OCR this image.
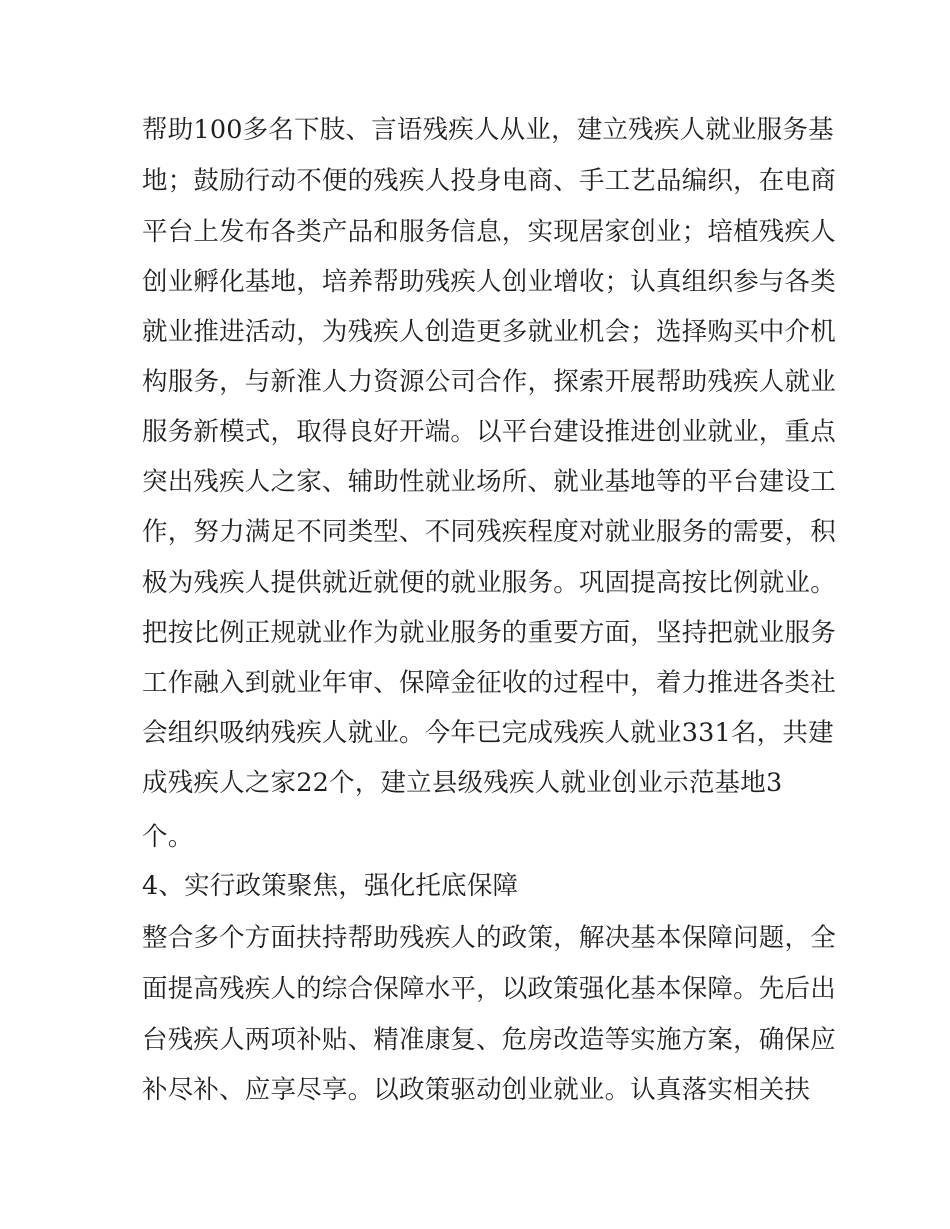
帮助100多名下肢、言语残疾人从业，建立残疾人就业服务基
地；鼓励行动不便的残疾人投身电商、手工艺品编织，在电商
平台上发布各类产品和服务信息，实现居家创业；培植残疾人
创业孵化基地，培养帮助残疾人创业增收；认真组织参与各类
就业推进活动，为残疾人创造更多就业机会；选择购买中介机
构服务，与新淮人力资源公司合作，探索开展帮助残疾人就业
服务新模式，取得良好开端。以平台建设推进创业就业，重点
突出残疾人之家、辅助性就业场所、就业基地等的平台建设工
作，努力满足不同类型、不同残疾程度对就业服务的需要，积
极为残疾人提供就近就便的就业服务。巩固提高按比例就业。
把按比例正规就业作为就业服务的重要方面，坚持把就业服务
工作融入到就业年审、保障金征收的过程中，着力推进各类社
会组织吸纳残疾人就业。今年已完成残疾人就业331名，共建
成残疾人之家22个，建立县级残疾人就业创业示范基地3
个。
4、实行政策聚焦，强化托底保障
整合多个方面扶持帮助残疾人的政策，解决基本保障问题，全
面提高残疾人的综合保障水平，以政策强化基本保障。先后出
台残疾人两项补贴、精准康复、危房改造等实施方案，确保应
补尽补、应享尽享。以政策驱动创业就业。认真落实相关扶
